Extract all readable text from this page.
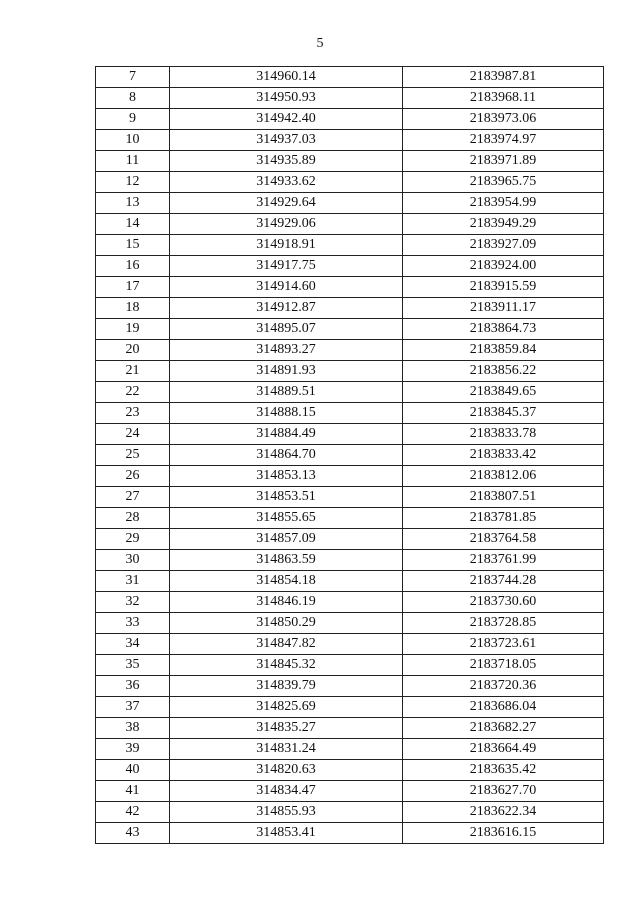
5
7	314960.14	2183987.81
8	314950.93	2183968.11
9	314942.40	2183973.06
10	314937.03	2183974.97
11	314935.89	2183971.89
12	314933.62	2183965.75
13	314929.64	2183954.99
14	314929.06	2183949.29
15	314918.91	2183927.09
16	314917.75	2183924.00
17	314914.60	2183915.59
18	314912.87	2183911.17
19	314895.07	2183864.73
20	314893.27	2183859.84
21	314891.93	2183856.22
22	314889.51	2183849.65
23	314888.15	2183845.37
24	314884.49	2183833.78
25	314864.70	2183833.42
26	314853.13	2183812.06
27	314853.51	2183807.51
28	314855.65	2183781.85
29	314857.09	2183764.58
30	314863.59	2183761.99
31	314854.18	2183744.28
32	314846.19	2183730.60
33	314850.29	2183728.85
34	314847.82	2183723.61
35	314845.32	2183718.05
36	314839.79	2183720.36
37	314825.69	2183686.04
38	314835.27	2183682.27
39	314831.24	2183664.49
40	314820.63	2183635.42
41	314834.47	2183627.70
42	314855.93	2183622.34
43	314853.41	2183616.15
